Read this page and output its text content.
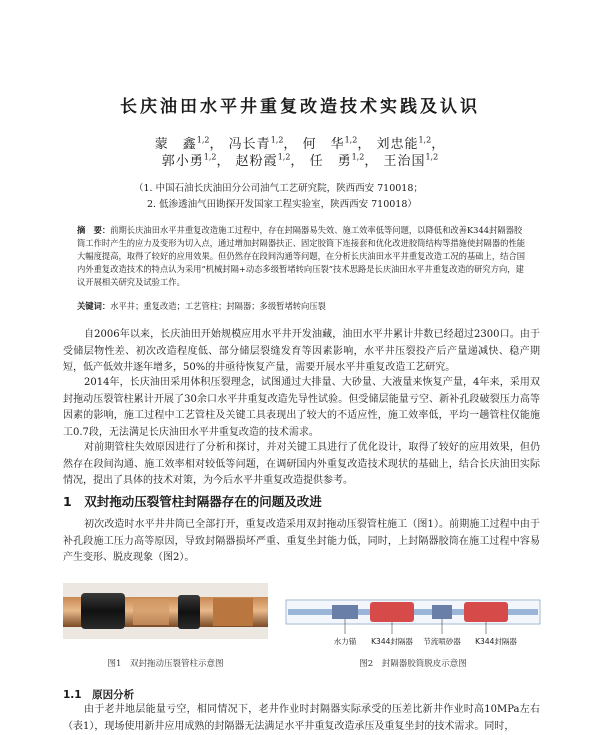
长庆油田水平井重复改造技术实践及认识
蒙　鑫$^{1,2}$， 冯长青$^{1,2}$， 何　华$^{1,2}$， 刘忠能$^{1,2}$，
郭小勇$^{1,2}$， 赵粉霞$^{1,2}$， 任　勇$^{1,2}$， 王治国$^{1,2}$
（1. 中国石油长庆油田分公司油气工艺研究院，陕西西安 710018；
2. 低渗透油气田勘探开发国家工程实验室，陕西西安 710018）
摘　要：前期长庆油田水平井重复改造施工过程中，存在封隔器易失效、施工效率低等问题，以降低和改善K344封隔器胶筒工作时产生的应力及变形为切入点，通过增加封隔器扶正、固定胶筒下连接套和优化改进胶筒结构等措施使封隔器的性能大幅度提高，取得了较好的应用效果。但仍然存在段间沟通等问题，在分析长庆油田水平井重复改造工况的基础上，结合国内外重复改造技术的特点认为采用“机械封隔+动态多级暂堵转向压裂”技术思路是长庆油田水平井重复改造的研究方向，建议开展相关研究及试验工作。
关键词：水平井；重复改造；工艺管柱；封隔器；多级暂堵转向压裂
自2006年以来，长庆油田开始规模应用水平井开发油藏，油田水平井累计井数已经超过2300口。由于受储层物性差、初次改造程度低、部分储层裂缝发育等因素影响，水平井压裂投产后产量递减快、稳产期短，低产低效井逐年增多，50%的井亟待恢复产量，需要开展水平井重复改造工艺研究。
2014年，长庆油田采用体积压裂理念，试图通过大排量、大砂量、大液量来恢复产量，4年来，采用双封拖动压裂管柱累计开展了30余口水平井重复改造先导性试验。但受储层能量亏空、新补孔段破裂压力高等因素的影响，施工过程中工艺管柱及关键工具表现出了较大的不适应性，施工效率低，平均一趟管柱仅能施工0.7段，无法满足长庆油田水平井重复改造的技术需求。
对前期管柱失效原因进行了分析和探讨，并对关键工具进行了优化设计，取得了较好的应用效果，但仍然存在段间沟通、施工效率相对较低等问题，在调研国内外重复改造技术现状的基础上，结合长庆油田实际情况，提出了具体的技术对策，为今后水平井重复改造提供参考。
1　双封拖动压裂管柱封隔器存在的问题及改进
初次改造时水平井井筒已全部打开，重复改造采用双封拖动压裂管柱施工（图1）。前期施工过程中由于补孔段施工压力高等原因，导致封隔器损坏严重、重复坐封能力低，同时，上封隔器胶筒在施工过程中容易产生变形、脱皮现象（图2）。
水力锚 K344封隔器 节流喷砂器 K344封隔器
图1　双封拖动压裂管柱示意图	图2　封隔器胶筒脱皮示意图
1.1　原因分析
由于老井地层能量亏空，相同情况下，老井作业时封隔器实际承受的压差比新井作业时高10MPa左右（表1），现场使用新井应用成熟的封隔器无法满足水平井重复改造承压及重复坐封的技术需求。同时，
